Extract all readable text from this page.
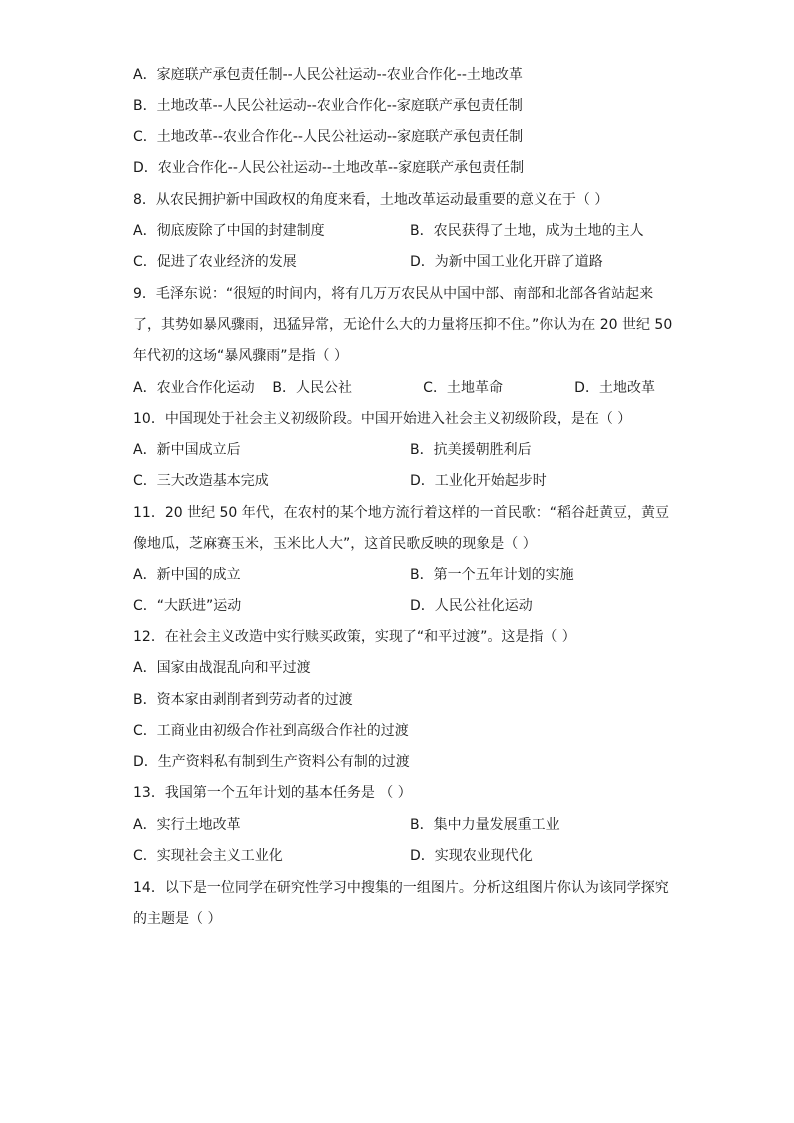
A．家庭联产承包责任制--人民公社运动--农业合作化--土地改革
B．土地改革--人民公社运动--农业合作化--家庭联产承包责任制
C．土地改革--农业合作化--人民公社运动--家庭联产承包责任制
D．农业合作化--人民公社运动--土地改革--家庭联产承包责任制
8．从农民拥护新中国政权的角度来看，土地改革运动最重要的意义在于（ ）
A．彻底废除了中国的封建制度	B．农民获得了土地，成为土地的主人
C．促进了农业经济的发展	D．为新中国工业化开辟了道路
9．毛泽东说：“很短的时间内，将有几万万农民从中国中部、南部和北部各省站起来
了，其势如暴风骤雨，迅猛异常，无论什么大的力量将压抑不住。”你认为在 20 世纪 50
年代初的这场“暴风骤雨”是指（ ）
A．农业合作化运动    B．人民公社                C．土地革命                D．土地改革
10．中国现处于社会主义初级阶段。中国开始进入社会主义初级阶段，是在（ ）
A．新中国成立后	B．抗美援朝胜利后
C．三大改造基本完成	D．工业化开始起步时
11．20 世纪 50 年代，在农村的某个地方流行着这样的一首民歌：“稻谷赶黄豆，黄豆
像地瓜，芝麻赛玉米，玉米比人大”，这首民歌反映的现象是（ ）
A．新中国的成立	B．第一个五年计划的实施
C．“大跃进”运动	D．人民公社化运动
12．在社会主义改造中实行赎买政策，实现了“和平过渡”。这是指（ ）
A．国家由战混乱向和平过渡
B．资本家由剥削者到劳动者的过渡
C．工商业由初级合作社到高级合作社的过渡
D．生产资料私有制到生产资料公有制的过渡
13．我国第一个五年计划的基本任务是 （ ）
A．实行土地改革	B．集中力量发展重工业
C．实现社会主义工业化	D．实现农业现代化
14．以下是一位同学在研究性学习中搜集的一组图片。分析这组图片你认为该同学探究
的主题是（ ）
